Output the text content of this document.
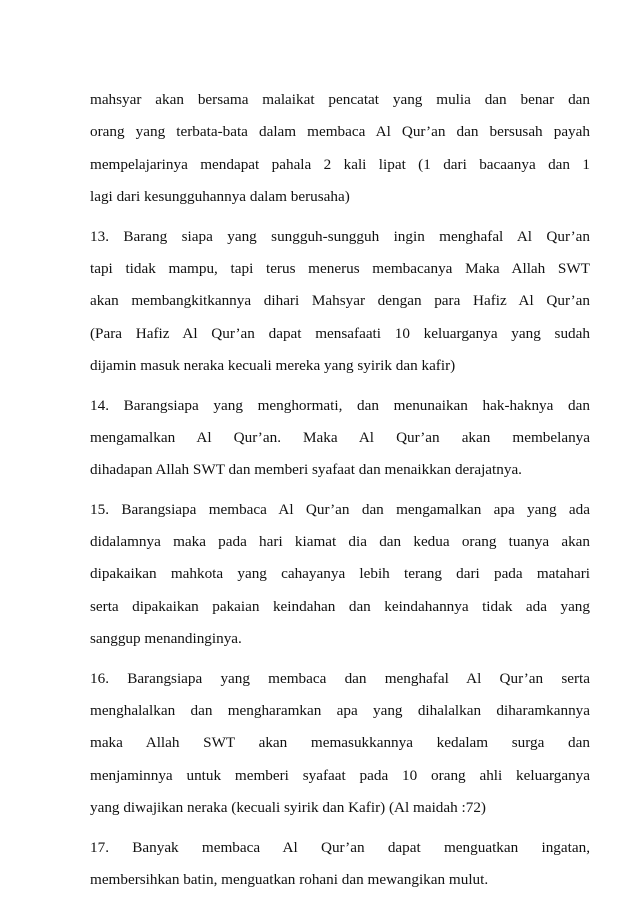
mahsyar akan bersama malaikat pencatat yang mulia dan benar dan
orang yang terbata-bata dalam membaca Al Qur’an dan bersusah payah
mempelajarinya mendapat pahala 2 kali lipat (1 dari bacaanya dan 1
lagi dari kesungguhannya dalam berusaha)
13. Barang siapa yang sungguh-sungguh ingin menghafal Al Qur’an
tapi tidak mampu, tapi terus menerus membacanya Maka Allah SWT
akan membangkitkannya dihari Mahsyar dengan para Hafiz Al Qur’an
(Para Hafiz Al Qur’an dapat mensafaati 10 keluarganya yang sudah
dijamin masuk neraka kecuali mereka yang syirik dan kafir)
14. Barangsiapa yang menghormati, dan menunaikan hak-haknya dan
mengamalkan Al Qur’an. Maka Al Qur’an akan membelanya
dihadapan Allah SWT dan memberi syafaat dan menaikkan derajatnya.
15. Barangsiapa membaca Al Qur’an dan mengamalkan apa yang ada
didalamnya maka pada hari kiamat dia dan kedua orang tuanya akan
dipakaikan mahkota yang cahayanya lebih terang dari pada matahari
serta dipakaikan pakaian keindahan dan keindahannya tidak ada yang
sanggup menandinginya.
16. Barangsiapa yang membaca dan menghafal Al Qur’an serta
menghalalkan dan mengharamkan apa yang dihalalkan diharamkannya
maka Allah SWT akan memasukkannya kedalam surga dan
menjaminnya untuk memberi syafaat pada 10 orang ahli keluarganya
yang diwajikan neraka (kecuali syirik dan Kafir) (Al maidah :72)
17. Banyak membaca Al Qur’an dapat menguatkan ingatan,
membersihkan batin, menguatkan rohani dan mewangikan mulut.
